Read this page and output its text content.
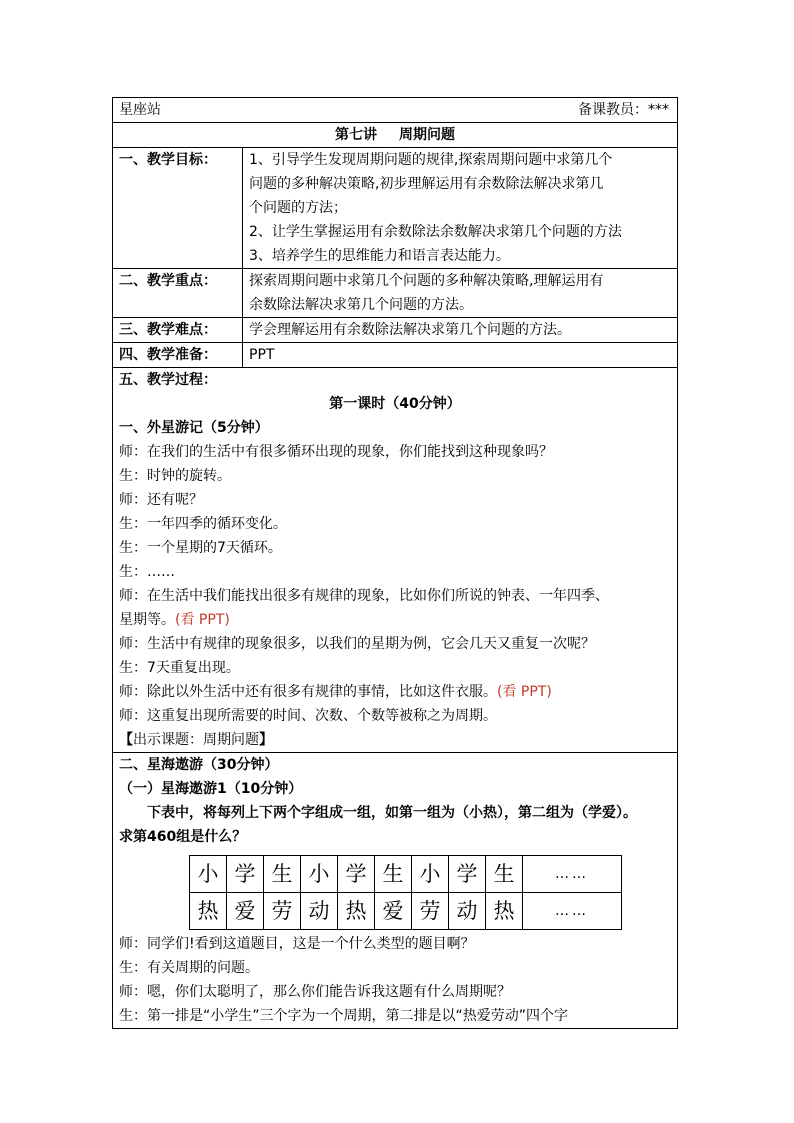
星座站	备课教员：***
第七讲 周期问题
一、教学目标：	1、引导学生发现周期问题的规律,探索周期问题中求第几个
问题的多种解决策略,初步理解运用有余数除法解决求第几
个问题的方法；
2、让学生掌握运用有余数除法余数解决求第几个问题的方法
3、培养学生的思维能力和语言表达能力。

二、教学重点：	探索周期问题中求第几个问题的多种解决策略,理解运用有
余数除法解决求第几个问题的方法。

三、教学难点：	学会理解运用有余数除法解决求第几个问题的方法。
四、教学准备：	PPT

五、教学过程：
第一课时（40分钟）
一、外星游记（5分钟）
师：在我们的生活中有很多循环出现的现象，你们能找到这种现象吗？
生：时钟的旋转。
师：还有呢？
生：一年四季的循环变化。
生：一个星期的7天循环。
生：……
师：在生活中我们能找出很多有规律的现象，比如你们所说的钟表、一年四季、
星期等。(看 PPT)
师：生活中有规律的现象很多，以我们的星期为例，它会几天又重复一次呢？
生：7天重复出现。
师：除此以外生活中还有很多有规律的事情，比如这件衣服。(看 PPT)
师：这重复出现所需要的时间、次数、个数等被称之为周期。
【出示课题：周期问题】

二、星海遨游（30分钟）
（一）星海遨游1（10分钟）
下表中，将每列上下两个字组成一组，如第一组为（小热），第二组为（学爱）。
求第460组是什么？
小	学	生	小	学	生	小	学	生	……
热	爱	劳	动	热	爱	劳	动	热	……
师：同学们!看到这道题目，这是一个什么类型的题目啊？
生：有关周期的问题。
师：嗯，你们太聪明了，那么你们能告诉我这题有什么周期呢？
生：第一排是“小学生”三个字为一个周期，第二排是以“热爱劳动”四个字
